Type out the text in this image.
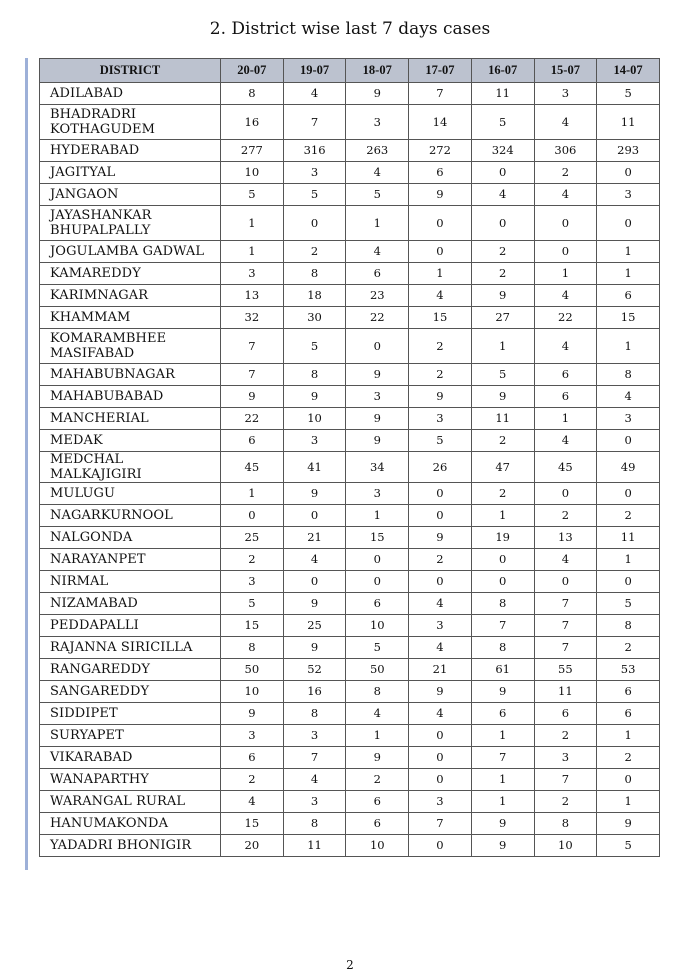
2. District wise last 7 days cases
DISTRICT	20-07	19-07	18-07	17-07	16-07	15-07	14-07
ADILABAD	8	4	9	7	11	3	5
BHADRADRI KOTHAGUDEM	16	7	3	14	5	4	11
HYDERABAD	277	316	263	272	324	306	293
JAGITYAL	10	3	4	6	0	2	0
JANGAON	5	5	5	9	4	4	3
JAYASHANKAR BHUPALPALLY	1	0	1	0	0	0	0
JOGULAMBA GADWAL	1	2	4	0	2	0	1
KAMAREDDY	3	8	6	1	2	1	1
KARIMNAGAR	13	18	23	4	9	4	6
KHAMMAM	32	30	22	15	27	22	15
KOMARAMBHEE MASIFABAD	7	5	0	2	1	4	1
MAHABUBNAGAR	7	8	9	2	5	6	8
MAHABUBABAD	9	9	3	9	9	6	4
MANCHERIAL	22	10	9	3	11	1	3
MEDAK	6	3	9	5	2	4	0
MEDCHAL MALKAJIGIRI	45	41	34	26	47	45	49
MULUGU	1	9	3	0	2	0	0
NAGARKURNOOL	0	0	1	0	1	2	2
NALGONDA	25	21	15	9	19	13	11
NARAYANPET	2	4	0	2	0	4	1
NIRMAL	3	0	0	0	0	0	0
NIZAMABAD	5	9	6	4	8	7	5
PEDDAPALLI	15	25	10	3	7	7	8
RAJANNA SIRICILLA	8	9	5	4	8	7	2
RANGAREDDY	50	52	50	21	61	55	53
SANGAREDDY	10	16	8	9	9	11	6
SIDDIPET	9	8	4	4	6	6	6
SURYAPET	3	3	1	0	1	2	1
VIKARABAD	6	7	9	0	7	3	2
WANAPARTHY	2	4	2	0	1	7	0
WARANGAL RURAL	4	3	6	3	1	2	1
HANUMAKONDA	15	8	6	7	9	8	9
YADADRI BHONIGIR	20	11	10	0	9	10	5
2
